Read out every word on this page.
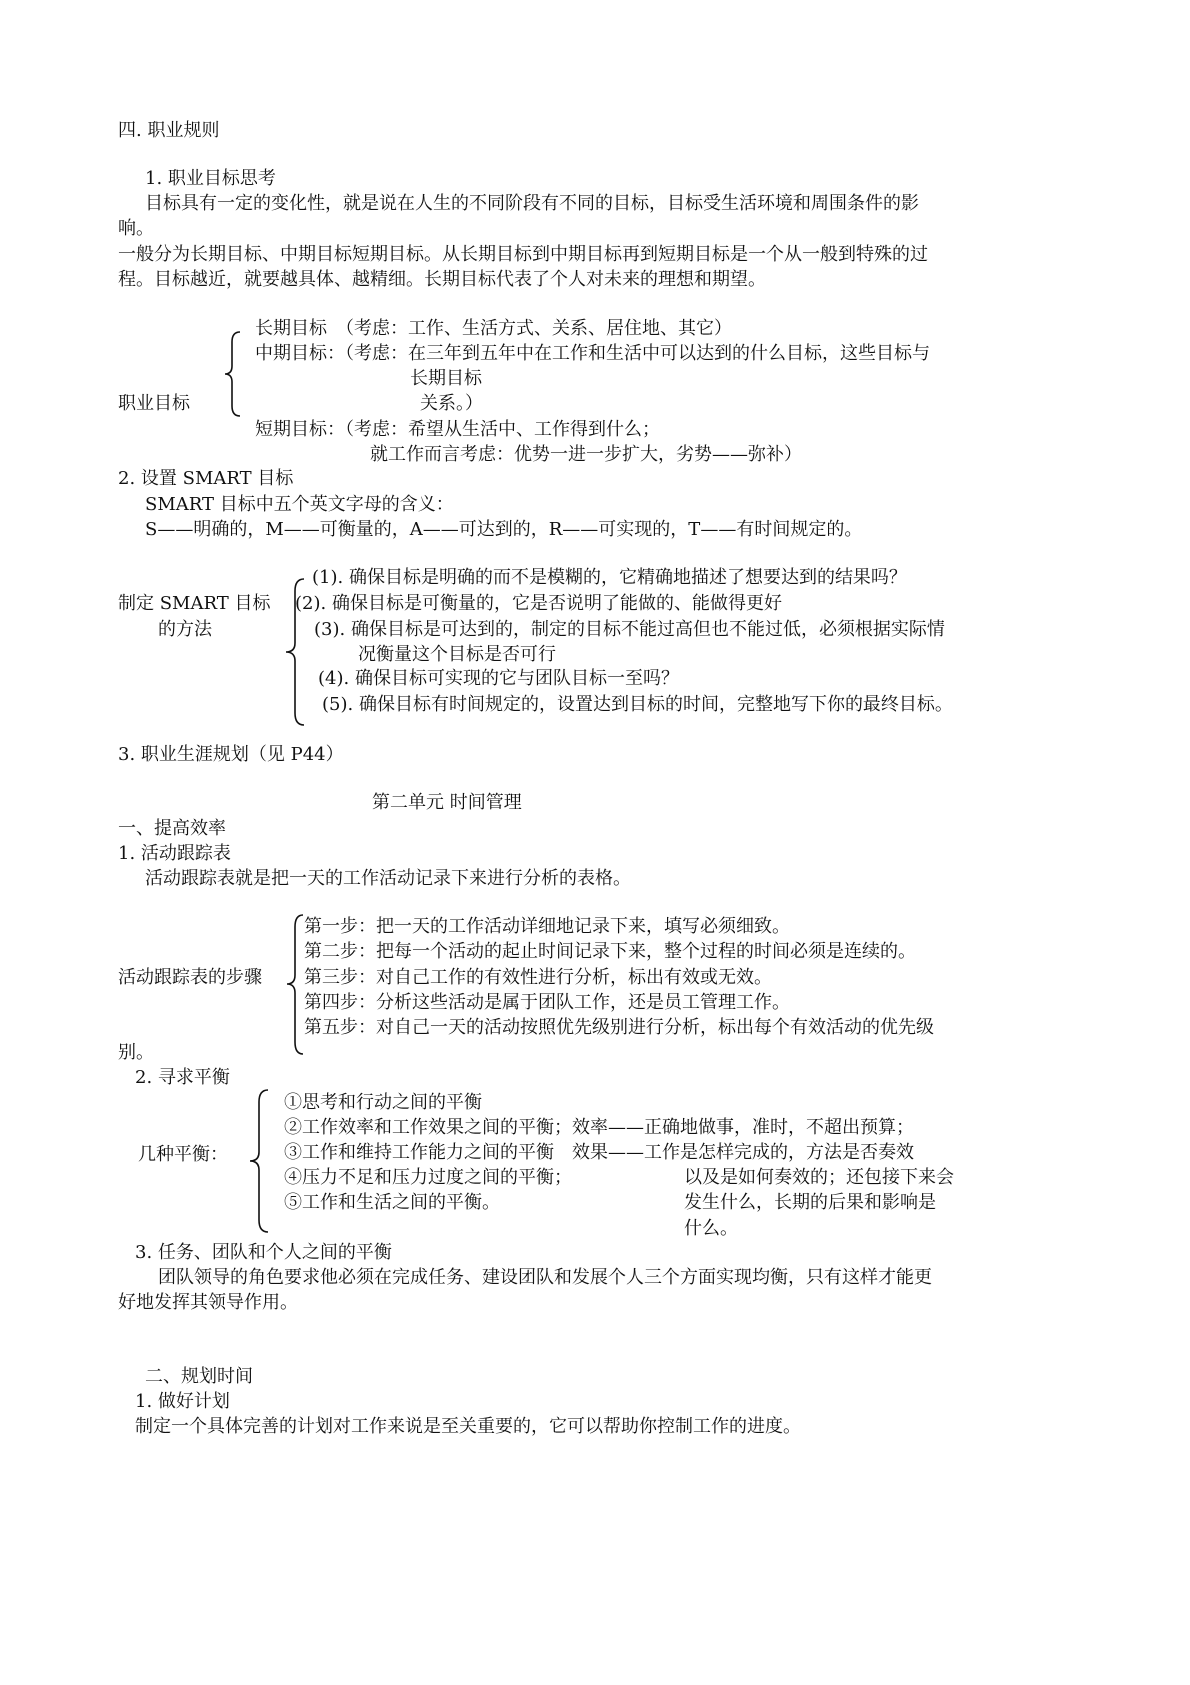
四. 职业规则
1. 职业目标思考
目标具有一定的变化性，就是说在人生的不同阶段有不同的目标，目标受生活环境和周围条件的影
响。
一般分为长期目标、中期目标短期目标。从长期目标到中期目标再到短期目标是一个从一般到特殊的过
程。目标越近，就要越具体、越精细。长期目标代表了个人对未来的理想和期望。
职业目标
长期目标　（考虑：工作、生活方式、关系、居住地、其它）
中期目标：（考虑：在三年到五年中在工作和生活中可以达到的什么目标，这些目标与
长期目标
关系。）
短期目标：（考虑：希望从生活中、工作得到什么；
就工作而言考虑：优势一进一步扩大，劣势——弥补）
2. 设置 SMART 目标
SMART 目标中五个英文字母的含义：
S——明确的，M——可衡量的，A——可达到的，R——可实现的，T——有时间规定的。
制定 SMART 目标
的方法
(1). 确保目标是明确的而不是模糊的，它精确地描述了想要达到的结果吗？
(2). 确保目标是可衡量的，它是否说明了能做的、能做得更好
(3). 确保目标是可达到的，制定的目标不能过高但也不能过低，必须根据实际情
况衡量这个目标是否可行
(4). 确保目标可实现的它与团队目标一至吗？
(5). 确保目标有时间规定的，设置达到目标的时间，完整地写下你的最终目标。
3. 职业生涯规划（见 P44）
第二单元 时间管理
一、提高效率
1. 活动跟踪表
活动跟踪表就是把一天的工作活动记录下来进行分析的表格。
活动跟踪表的步骤
第一步：把一天的工作活动详细地记录下来，填写必须细致。
第二步：把每一个活动的起止时间记录下来，整个过程的时间必须是连续的。
第三步：对自己工作的有效性进行分析，标出有效或无效。
第四步：分析这些活动是属于团队工作，还是员工管理工作。
第五步：对自己一天的活动按照优先级别进行分析，标出每个有效活动的优先级
别。
2. 寻求平衡
几种平衡：
①思考和行动之间的平衡
②工作效率和工作效果之间的平衡；效率——正确地做事，准时，不超出预算；
③工作和维持工作能力之间的平衡　效果——工作是怎样完成的，方法是否奏效
④压力不足和压力过度之间的平衡；
⑤工作和生活之间的平衡。
以及是如何奏效的；还包接下来会
发生什么，长期的后果和影响是
什么。
3. 任务、团队和个人之间的平衡
团队领导的角色要求他必须在完成任务、建设团队和发展个人三个方面实现均衡，只有这样才能更
好地发挥其领导作用。
二、规划时间
1. 做好计划
制定一个具体完善的计划对工作来说是至关重要的，它可以帮助你控制工作的进度。
